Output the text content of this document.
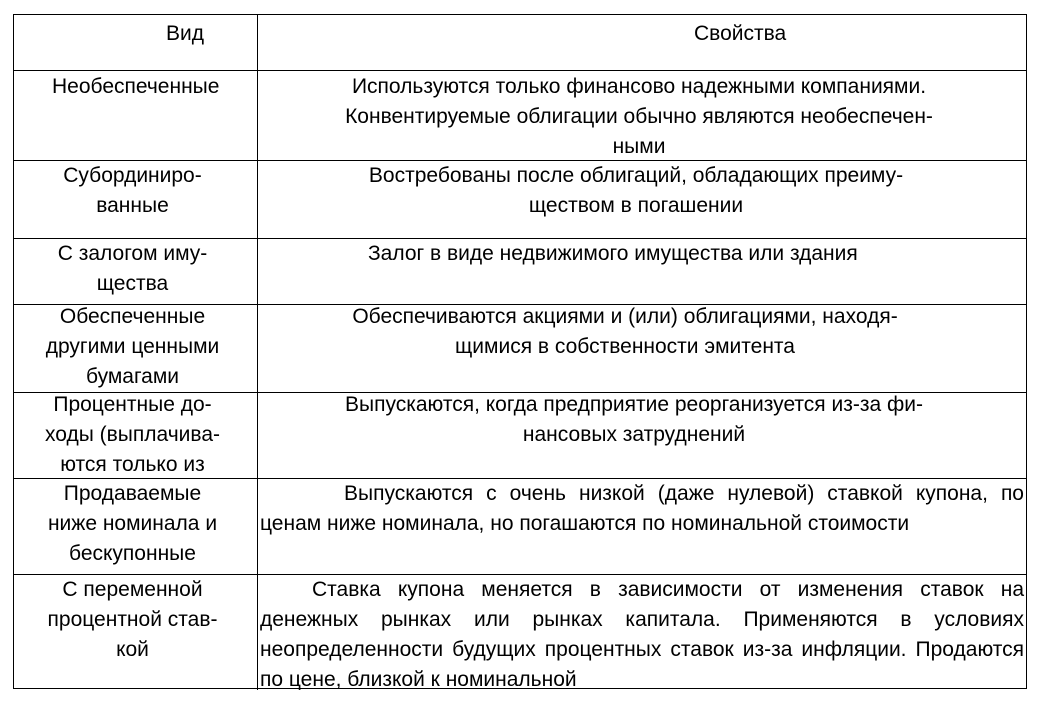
Вид	Свойства
Необеспеченные	Используются только финансово надежными компаниями.
Конвентируемые облигации обычно являются необеспечен-
ными
Субординиро-
ванные
Востребованы после облигаций, обладающих преиму-
ществом в погашении
С залогом иму-
щества
Залог в виде недвижимого имущества или здания
Обеспеченные
другими ценными
бумагами
Обеспечиваются акциями и (или) облигациями, находя-
щимися в собственности эмитента
Процентные до-
ходы (выплачива-
ются только из
Выпускаются, когда предприятие реорганизуется из-за фи-
нансовых затруднений
Продаваемые
ниже номинала и
бескупонные
Выпускаются с очень низкой (даже нулевой) ставкой купона, по ценам ниже номинала, но погашаются по номинальной стоимости
С переменной
процентной став-
кой
Ставка купона меняется в зависимости от изменения ставок на денежных рынках или рынках капитала. Применяются в условиях неопределенности будущих процентных ставок из-за инфляции. Продаются по цене, близкой к номинальной
